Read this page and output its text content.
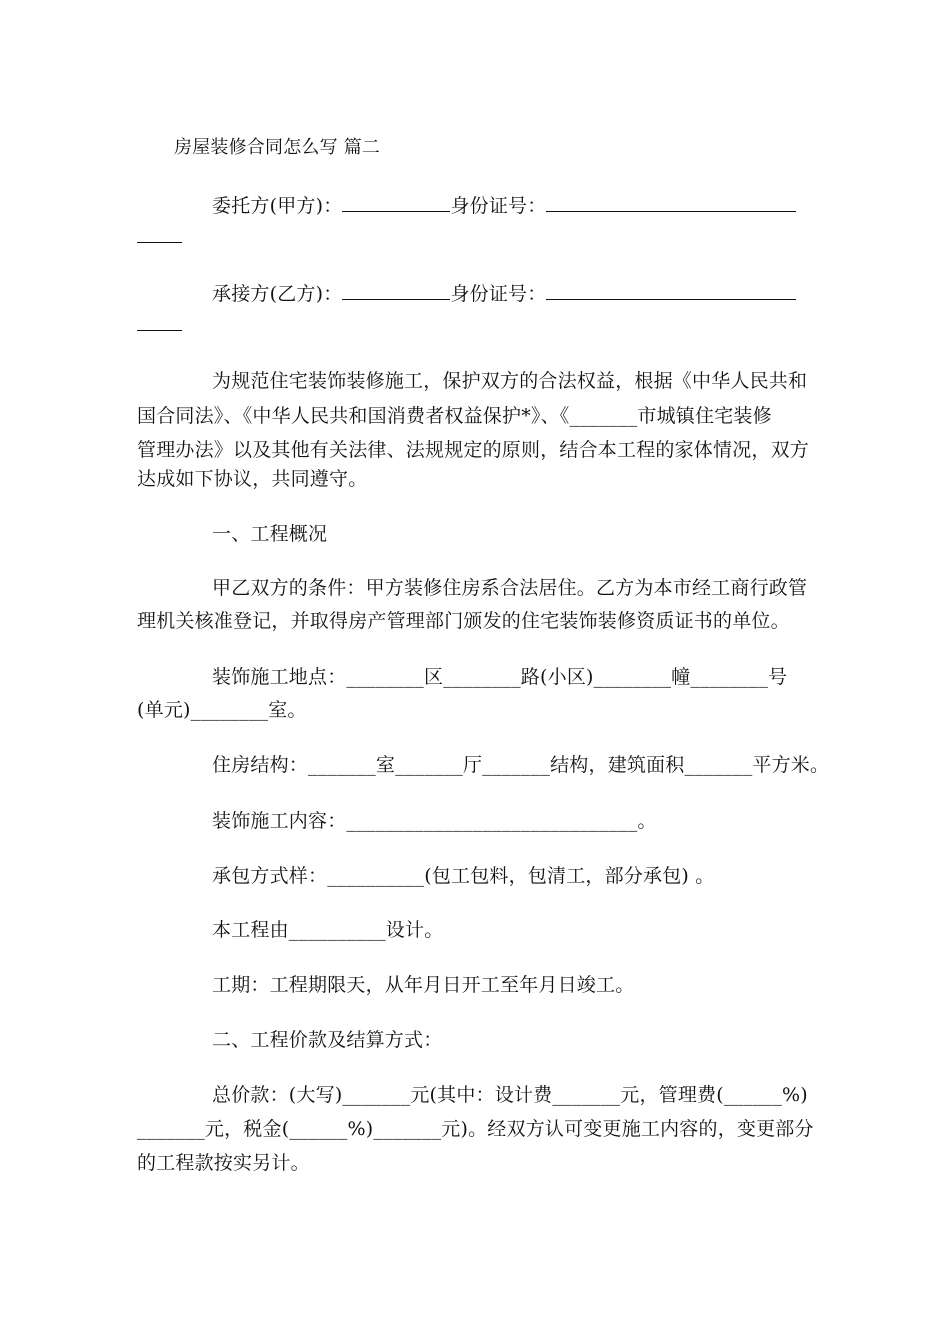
房屋装修合同怎么写 篇二
委托方(甲方)：	身份证号：
承接方(乙方)：	身份证号：
为规范住宅装饰装修施工，保护双方的合法权益，根据《中华人民共和
国合同法》、《中华人民共和国消费者权益保护*》、《_______市城镇住宅装修
管理办法》以及其他有关法律、法规规定的原则，结合本工程的家体情况，双方
达成如下协议，共同遵守。
一、工程概况
甲乙双方的条件：甲方装修住房系合法居住。乙方为本市经工商行政管
理机关核准登记，并取得房产管理部门颁发的住宅装饰装修资质证书的单位。
装饰施工地点：________区________路(小区)________幢________号
(单元)________室。
住房结构：_______室_______厅_______结构，建筑面积_______平方米。
装饰施工内容：______________________________。
承包方式样：__________(包工包料，包清工，部分承包) 。
本工程由__________设计。
工期：工程期限天，从年月日开工至年月日竣工。
二、工程价款及结算方式：
总价款：(大写)_______元(其中：设计费_______元，管理费(______%)
_______元，税金(______%)_______元)。经双方认可变更施工内容的，变更部分
的工程款按实另计。
